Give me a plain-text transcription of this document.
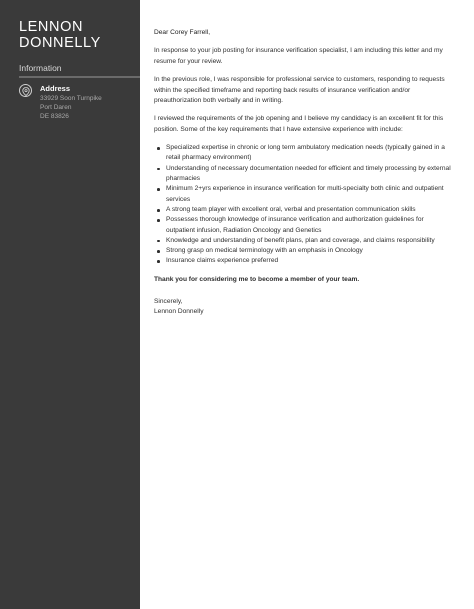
LENNON DONNELLY
Information
Address
33929 Soon Turnpike
Port Daren
DE 83826

Dear Corey Farrell,

In response to your job posting for insurance verification specialist, I am including this letter and my resume for your review.

In the previous role, I was responsible for professional service to customers, responding to requests within the specified timeframe and reporting back results of insurance verification and/or preauthorization both verbally and in writing.

I reviewed the requirements of the job opening and I believe my candidacy is an excellent fit for this position. Some of the key requirements that I have extensive experience with include:

Specialized expertise in chronic or long term ambulatory medication needs (typically gained in a retail pharmacy environment)
Understanding of necessary documentation needed for efficient and timely processing by external pharmacies
Minimum 2+yrs experience in insurance verification for multi-specialty both clinic and outpatient services
A strong team player with excellent oral, verbal and presentation communication skills
Possesses thorough knowledge of insurance verification and authorization guidelines for outpatient infusion, Radiation Oncology and Genetics
Knowledge and understanding of benefit plans, plan and coverage, and claims responsibility
Strong grasp on medical terminology with an emphasis in Oncology
Insurance claims experience preferred

Thank you for considering me to become a member of your team.

Sincerely,

Lennon Donnelly
